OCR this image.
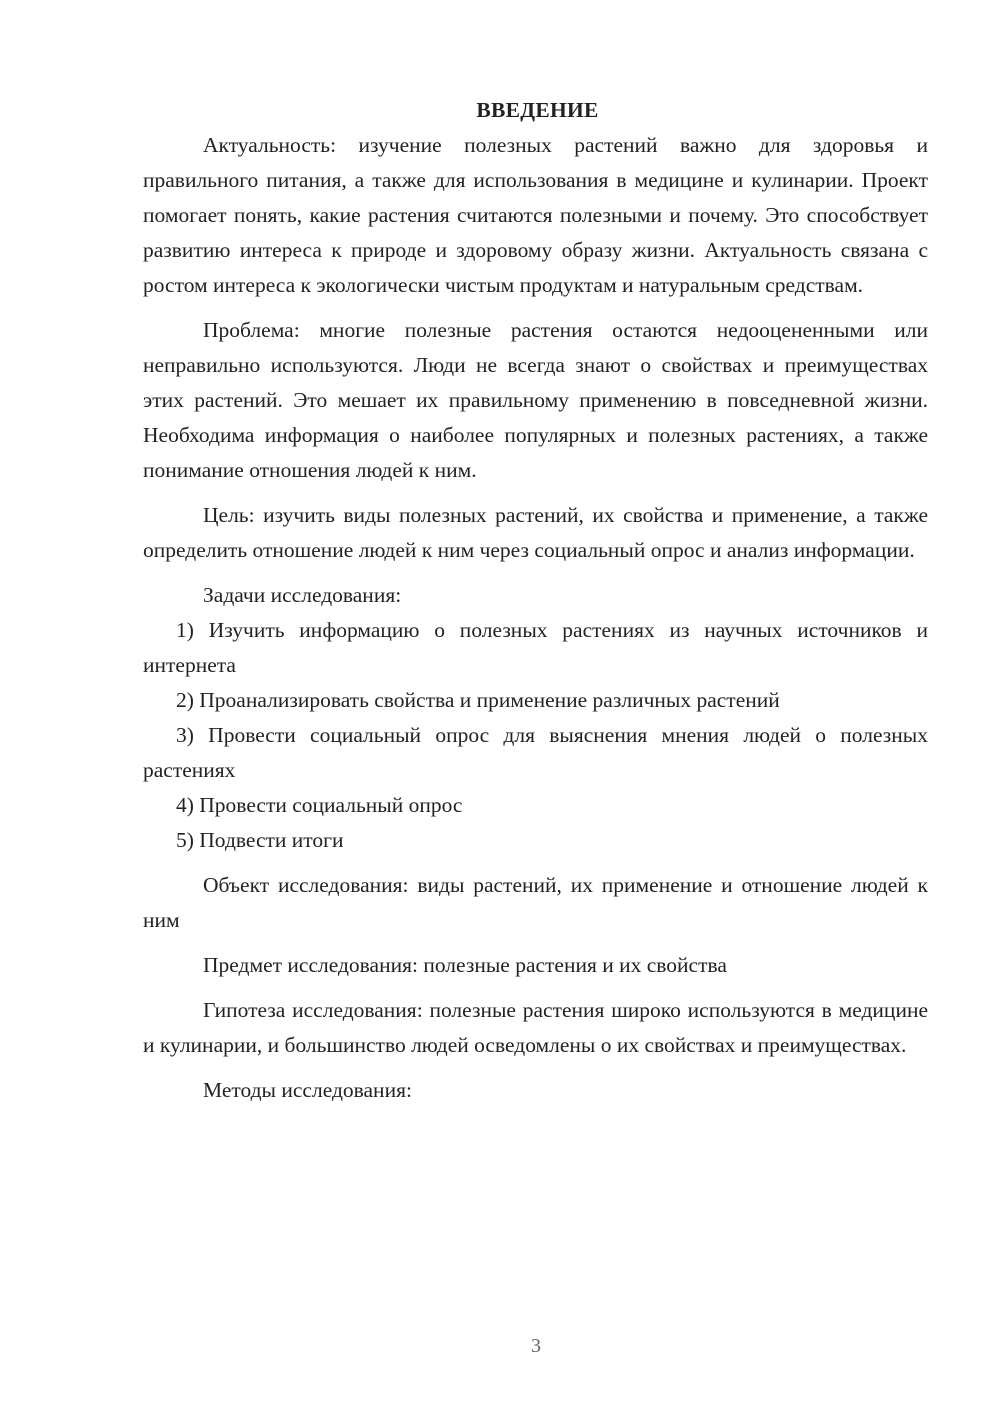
ВВЕДЕНИЕ

Актуальность: изучение полезных растений важно для здоровья и правильного питания, а также для использования в медицине и кулинарии. Проект помогает понять, какие растения считаются полезными и почему. Это способствует развитию интереса к природе и здоровому образу жизни. Актуальность связана с ростом интереса к экологически чистым продуктам и натуральным средствам.

Проблема: многие полезные растения остаются недооцененными или неправильно используются. Люди не всегда знают о свойствах и преимуществах этих растений. Это мешает их правильному применению в повседневной жизни. Необходима информация о наиболее популярных и полезных растениях, а также понимание отношения людей к ним.

Цель: изучить виды полезных растений, их свойства и применение, а также определить отношение людей к ним через социальный опрос и анализ информации.

Задачи исследования:

1) Изучить информацию о полезных растениях из научных источников и интернета

2) Проанализировать свойства и применение различных растений

3) Провести социальный опрос для выяснения мнения людей о полезных растениях

4) Провести социальный опрос

5) Подвести итоги

Объект исследования: виды растений, их применение и отношение людей к ним

Предмет исследования: полезные растения и их свойства

Гипотеза исследования: полезные растения широко используются в медицине и кулинарии, и большинство людей осведомлены о их свойствах и преимуществах.

Методы исследования:

3
